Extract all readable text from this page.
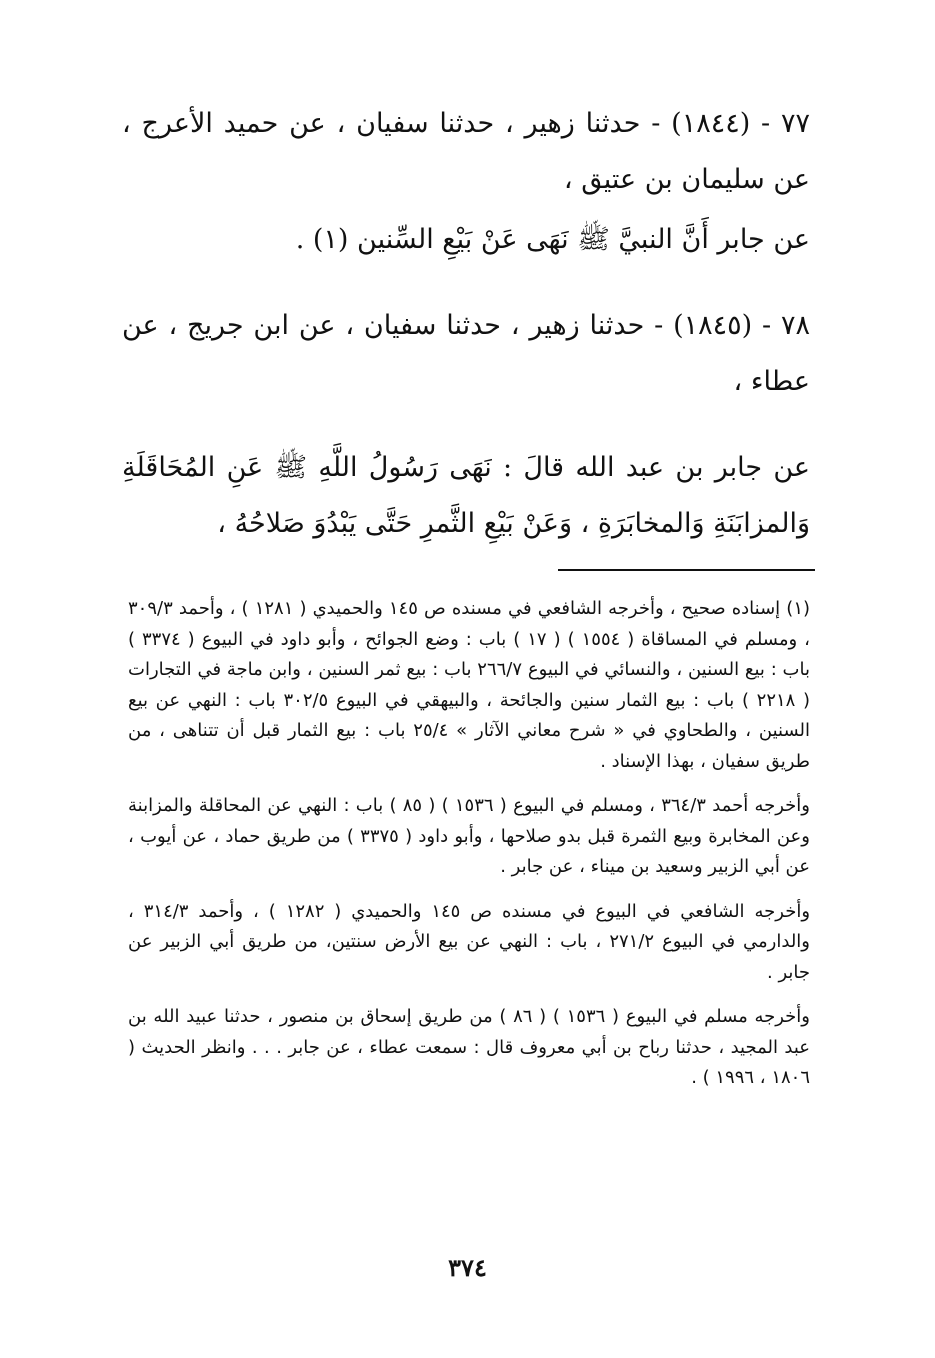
٧٧ - (١٨٤٤) - حدثنا زهير ، حدثنا سفيان ، عن حميد الأعرج ، عن سليمان بن عتيق ،

عن جابر أَنَّ النبيَّ ﷺ نَهَى عَنْ بَيْعِ السِّنين (١) .

٧٨ - (١٨٤٥) - حدثنا زهير ، حدثنا سفيان ، عن ابن جريج ، عن عطاء ،

عن جابر بن عبد الله قالَ : نَهَى رَسُولُ اللَّهِ ﷺ عَنِ المُحَاقَلَةِ وَالمزابَنَةِ وَالمخابَرَةِ ، وَعَنْ بَيْعِ الثَّمرِ حَتَّى يَبْدُوَ صَلاحُهُ ،

(١) إسناده صحيح ، وأخرجه الشافعي في مسنده ص ١٤٥ والحميدي ( ١٢٨١ ) ، وأحمد ٣٠٩/٣ ، ومسلم في المساقاة ( ١٥٥٤ ) ( ١٧ ) باب : وضع الجوائح ، وأبو داود في البيوع ( ٣٣٧٤ ) باب : بيع السنين ، والنسائي في البيوع ٢٦٦/٧ باب : بيع ثمر السنين ، وابن ماجة في التجارات ( ٢٢١٨ ) باب : بيع الثمار سنين والجائحة ، والبيهقي في البيوع ٣٠٢/٥ باب : النهي عن بيع السنين ، والطحاوي في « شرح معاني الآثار » ٢٥/٤ باب : بيع الثمار قبل أن تتناهى ، من طريق سفيان ، بهذا الإسناد .

وأخرجه أحمد ٣٦٤/٣ ، ومسلم في البيوع ( ١٥٣٦ ) ( ٨٥ ) باب : النهي عن المحاقلة والمزابنة وعن المخابرة وبيع الثمرة قبل بدو صلاحها ، وأبو داود ( ٣٣٧٥ ) من طريق حماد ، عن أيوب ، عن أبي الزبير وسعيد بن ميناء ، عن جابر .

وأخرجه الشافعي في البيوع في مسنده ص ١٤٥ والحميدي ( ١٢٨٢ ) ، وأحمد ٣١٤/٣ ، والدارمي في البيوع ٢٧١/٢ ، باب : النهي عن بيع الأرض سنتين، من طريق أبي الزبير عن جابر .

وأخرجه مسلم في البيوع ( ١٥٣٦ ) ( ٨٦ ) من طريق إسحاق بن منصور ، حدثنا عبيد الله بن عبد المجيد ، حدثنا رباح بن أبي معروف قال : سمعت عطاء ، عن جابر . . . وانظر الحديث ( ١٨٠٦ ، ١٩٩٦ ) .

٣٧٤
